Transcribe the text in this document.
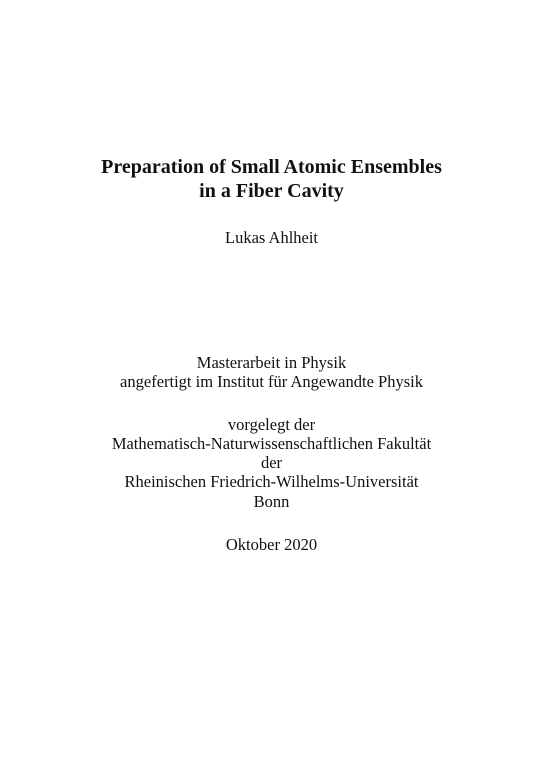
Preparation of Small Atomic Ensembles
in a Fiber Cavity
Lukas Ahlheit
Masterarbeit in Physik
angefertigt im Institut für Angewandte Physik
vorgelegt der
Mathematisch-Naturwissenschaftlichen Fakultät
der
Rheinischen Friedrich-Wilhelms-Universität
Bonn
Oktober 2020
